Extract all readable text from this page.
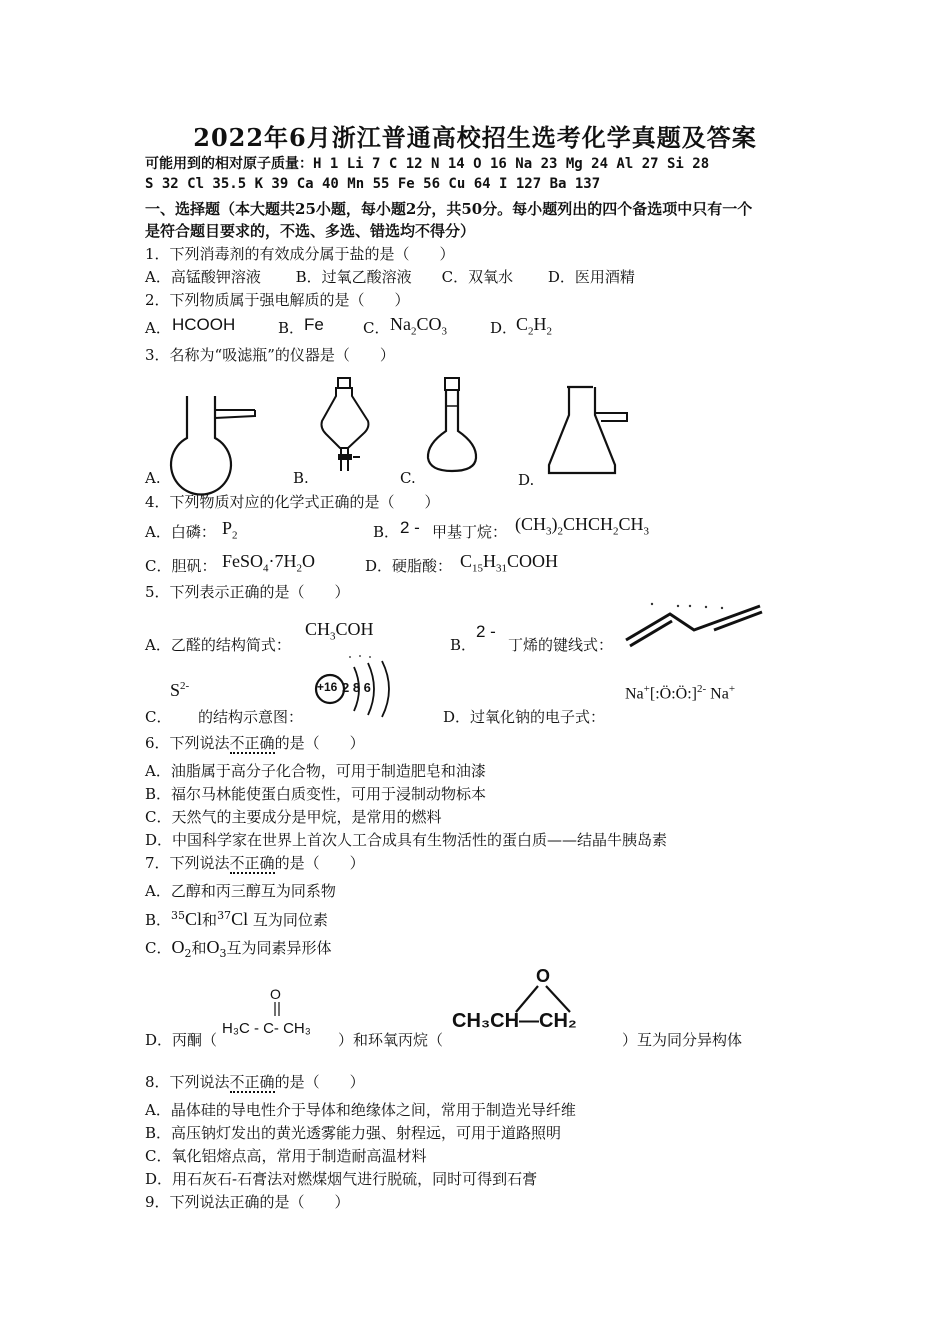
2022年6月浙江普通高校招生选考化学真题及答案
可能用到的相对原子质量：H 1 Li 7 C 12 N 14 O 16 Na 23 Mg 24 Al 27 Si 28
S 32 Cl 35.5 K 39 Ca 40 Mn 55 Fe 56 Cu 64 I 127 Ba 137
一、选择题（本大题共25小题，每小题2分，共50分。每小题列出的四个备选项中只有一个
是符合题目要求的，不选、多选、错选均不得分）
1．下列消毒剂的有效成分属于盐的是（　　）
A．高锰酸钾溶液　　 B．过氧乙酸溶液　　C．双氧水　　 D．医用酒精
2．下列物质属于强电解质的是（　　）
A． HCOOH	B． Fe	C． $Na_2CO_3$	D．
$C_2H_2$
3．名称为“吸滤瓶”的仪器是（　　）
A.	B.	C.	D.
4．下列物质对应的化学式正确的是（　　）
A．白磷： $P_2$	B． 2 - 甲基丁烷： $(CH_3)_2CHCH_2CH_3$
C．胆矾： $FeSO_4\cdot 7H_2O$	D．硬脂酸： $C_{15}H_{31}COOH$
5．下列表示正确的是（　　）
A．乙醛的结构简式：
$CH_3COH$
B．
2 -
丁烯的键线式：
C．
$S^{2-}$
的结构示意图：
+16 2 8 6
D．过氧化钠的电子式：
Na+[:Ö:Ö:]$^{2-}$ Na+
6．下列说法不正确的是（　　）
A．油脂属于高分子化合物，可用于制造肥皂和油漆
B．福尔马林能使蛋白质变性，可用于浸制动物标本
C．天然气的主要成分是甲烷，是常用的燃料
D．中国科学家在世界上首次人工合成具有生物活性的蛋白质——结晶牛胰岛素
7．下列说法不正确的是（　　）
A．乙醇和丙三醇互为同系物
B．$^{35}$Cl和$^{37}$Cl 互为同位素
C．$O_2$和$O_3$互为同素异形体
D．丙酮（
O
H₃C - C- CH₃
）和环氧丙烷（
O
CH₃CH—CH₂
）互为同分异构体
8．下列说法不正确的是（　　）
A．晶体硅的导电性介于导体和绝缘体之间，常用于制造光导纤维
B．高压钠灯发出的黄光透雾能力强、射程远，可用于道路照明
C．氧化铝熔点高，常用于制造耐高温材料
D．用石灰石-石膏法对燃煤烟气进行脱硫，同时可得到石膏
9．下列说法正确的是（　　）
